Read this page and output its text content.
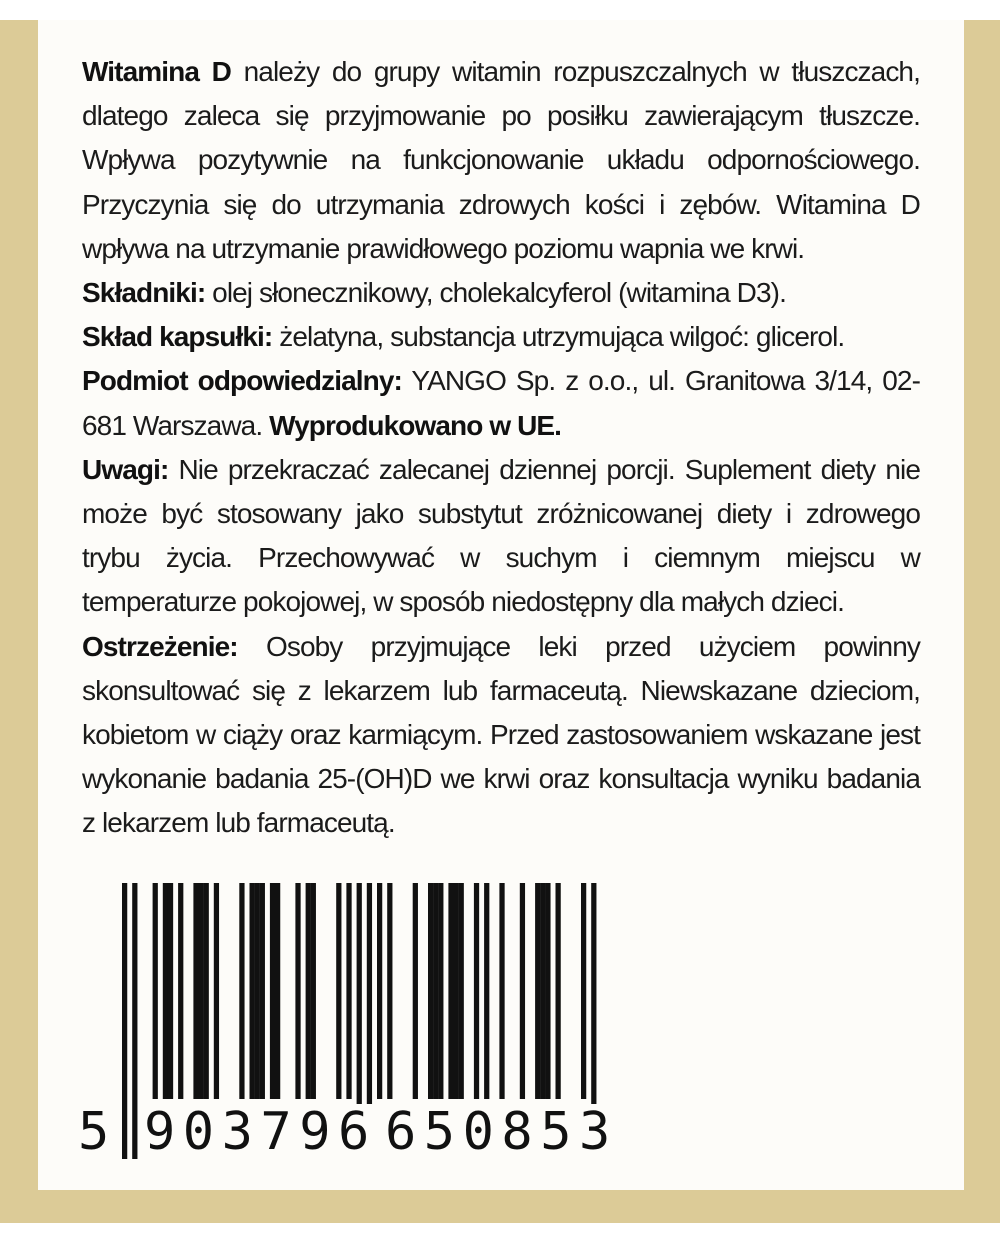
Witamina D należy do grupy witamin rozpuszczalnych w tłuszczach, dlatego zaleca się przyjmowanie po posiłku zawierającym tłuszcze. Wpływa pozytywnie na funkcjonowanie układu odpornościowego. Przyczynia się do utrzymania zdrowych kości i zębów. Witamina D wpływa na utrzymanie prawidłowego poziomu wapnia we krwi.

Składniki: olej słonecznikowy, cholekalcyferol (witamina D3).

Skład kapsułki: żelatyna, substancja utrzymująca wilgoć: glicerol.

Podmiot odpowiedzialny: YANGO Sp. z o.o., ul. Granitowa 3/14, 02-681 Warszawa. Wyprodukowano w UE.

Uwagi: Nie przekraczać zalecanej dziennej porcji. Suplement diety nie może być stosowany jako substytut zróżnicowanej diety i zdrowego trybu życia. Przechowywać w suchym i ciemnym miejscu w temperaturze pokojowej, w sposób niedostępny dla małych dzieci.

Ostrzeżenie: Osoby przyjmujące leki przed użyciem powinny skonsultować się z lekarzem lub farmaceutą. Niewskazane dzieciom, kobietom w ciąży oraz karmiącym. Przed zastosowaniem wskazane jest wykonanie badania 25-(OH)D we krwi oraz konsultacja wyniku badania z lekarzem lub farmaceutą.

5 903796 650853
